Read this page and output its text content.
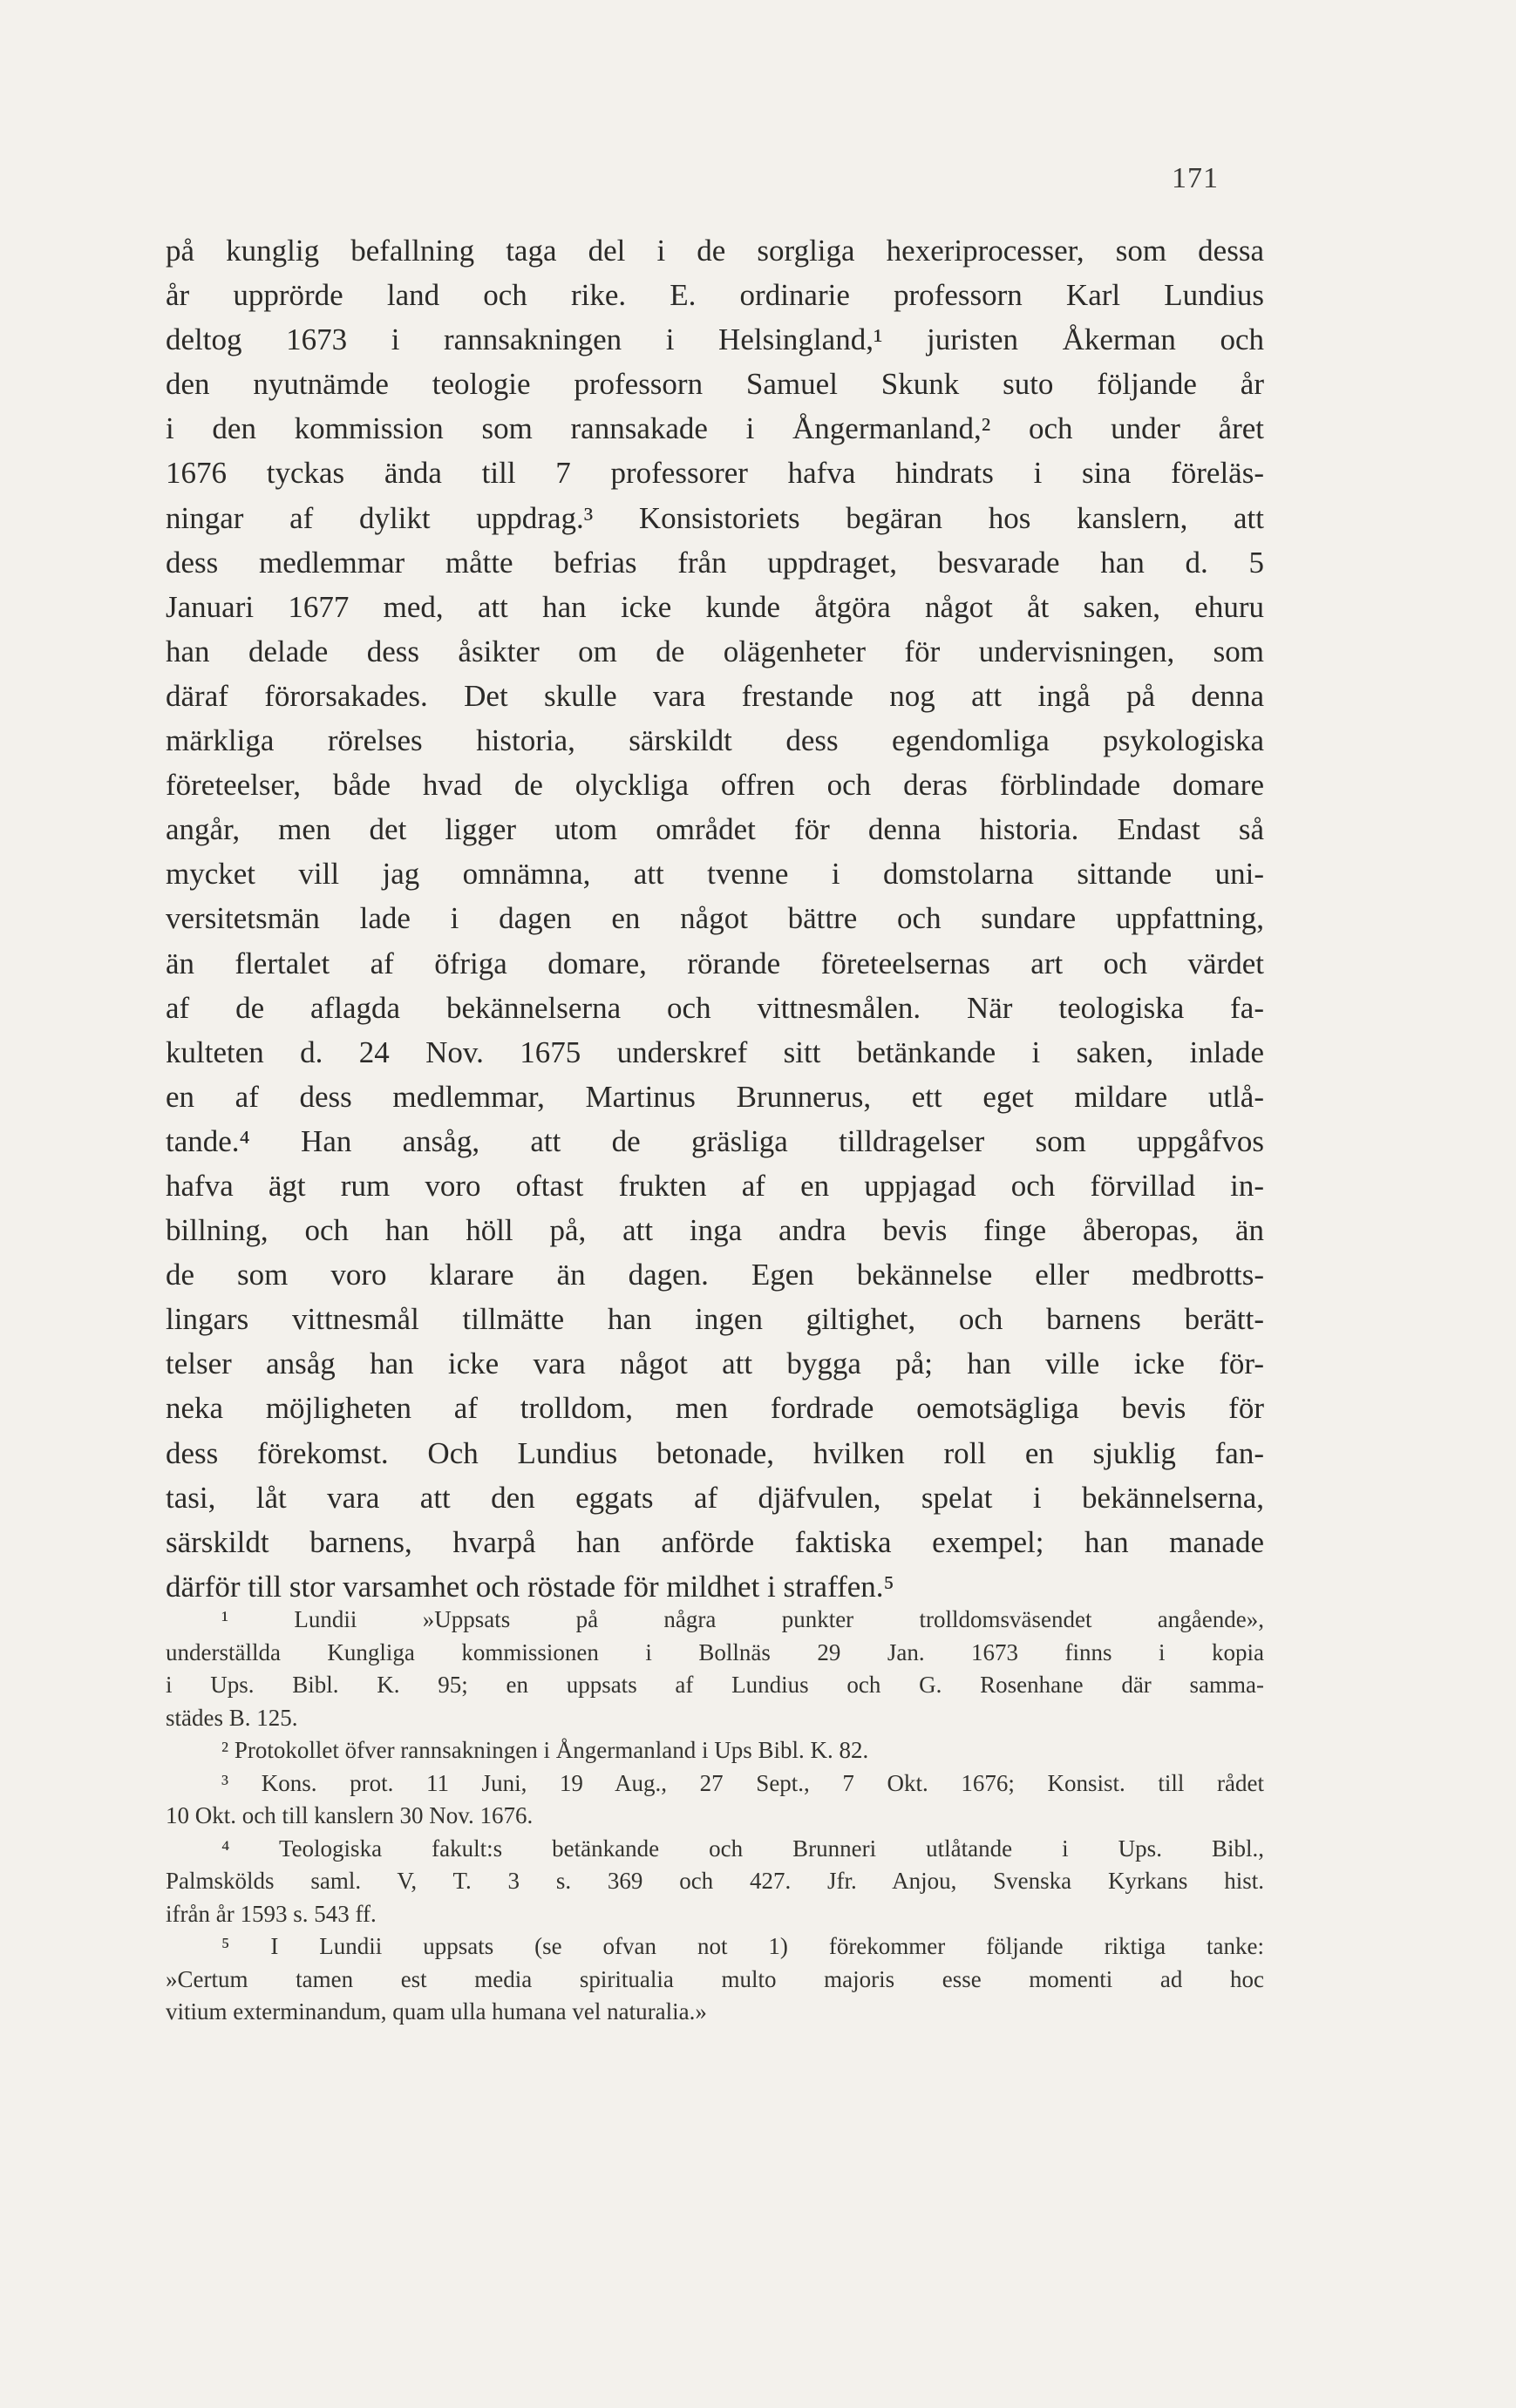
171
på kunglig befallning taga del i de sorgliga hexeriprocesser, som dessa
år upprörde land och rike. E. ordinarie professorn Karl Lundius
deltog 1673 i rannsakningen i Helsingland,¹ juristen Åkerman och
den nyutnämde teologie professorn Samuel Skunk suto följande år
i den kommission som rannsakade i Ångermanland,² och under året
1676 tyckas ända till 7 professorer hafva hindrats i sina föreläs-
ningar af dylikt uppdrag.³ Konsistoriets begäran hos kanslern, att
dess medlemmar måtte befrias från uppdraget, besvarade han d. 5
Januari 1677 med, att han icke kunde åtgöra något åt saken, ehuru
han delade dess åsikter om de olägenheter för undervisningen, som
däraf förorsakades. Det skulle vara frestande nog att ingå på denna
märkliga rörelses historia, särskildt dess egendomliga psykologiska
företeelser, både hvad de olyckliga offren och deras förblindade domare
angår, men det ligger utom området för denna historia. Endast så
mycket vill jag omnämna, att tvenne i domstolarna sittande uni-
versitetsmän lade i dagen en något bättre och sundare uppfattning,
än flertalet af öfriga domare, rörande företeelsernas art och värdet
af de aflagda bekännelserna och vittnesmålen. När teologiska fa-
kulteten d. 24 Nov. 1675 underskref sitt betänkande i saken, inlade
en af dess medlemmar, Martinus Brunnerus, ett eget mildare utlå-
tande.⁴ Han ansåg, att de gräsliga tilldragelser som uppgåfvos
hafva ägt rum voro oftast frukten af en uppjagad och förvillad in-
billning, och han höll på, att inga andra bevis finge åberopas, än
de som voro klarare än dagen. Egen bekännelse eller medbrotts-
lingars vittnesmål tillmätte han ingen giltighet, och barnens berätt-
telser ansåg han icke vara något att bygga på; han ville icke för-
neka möjligheten af trolldom, men fordrade oemotsägliga bevis för
dess förekomst. Och Lundius betonade, hvilken roll en sjuklig fan-
tasi, låt vara att den eggats af djäfvulen, spelat i bekännelserna,
särskildt barnens, hvarpå han anförde faktiska exempel; han manade
därför till stor varsamhet och röstade för mildhet i straffen.⁵
¹ Lundii »Uppsats på några punkter trolldomsväsendet angående»,
underställda Kungliga kommissionen i Bollnäs 29 Jan. 1673 finns i kopia
i Ups. Bibl. K. 95; en uppsats af Lundius och G. Rosenhane där samma-
städes B. 125.
² Protokollet öfver rannsakningen i Ångermanland i Ups Bibl. K. 82.
³ Kons. prot. 11 Juni, 19 Aug., 27 Sept., 7 Okt. 1676; Konsist. till rådet
10 Okt. och till kanslern 30 Nov. 1676.
⁴ Teologiska fakult:s betänkande och Brunneri utlåtande i Ups. Bibl.,
Palmskölds saml. V, T. 3 s. 369 och 427. Jfr. Anjou, Svenska Kyrkans hist.
ifrån år 1593 s. 543 ff.
⁵ I Lundii uppsats (se ofvan not 1) förekommer följande riktiga tanke:
»Certum tamen est media spiritualia multo majoris esse momenti ad hoc
vitium exterminandum, quam ulla humana vel naturalia.»
